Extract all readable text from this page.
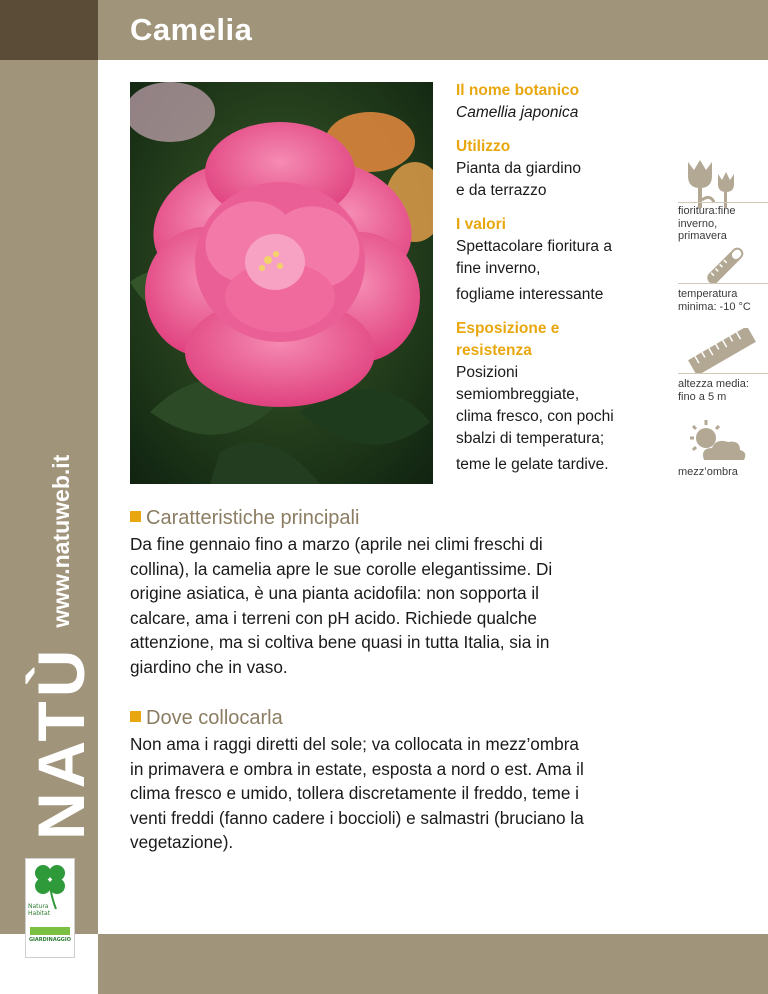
Camelia
NATÙwww.natuweb.it
Natura Habitat
GIARDINAGGIO
Il nome botanico
Camellia japonica
Utilizzo
Pianta da giardino
e da terrazzo
I valori
Spettacolare fioritura a
fine inverno,
fogliame interessante
Esposizione e
resistenza
Posizioni
semiombreggiate,
clima fresco, con pochi
sbalzi di temperatura;
teme le gelate tardive.
fioritura:fine
inverno,
primavera
temperatura
minima: -10 °C
altezza media:
fino a 5 m
mezz’ombra
Caratteristiche principali
Da fine gennaio fino a marzo (aprile nei climi freschi di
collina), la camelia apre le sue corolle elegantissime. Di
origine asiatica, è una pianta acidofila: non sopporta il
calcare, ama i terreni con pH acido. Richiede qualche
attenzione, ma si coltiva bene quasi in tutta Italia, sia in
giardino che in vaso.
Dove collocarla
Non ama i raggi diretti del sole; va collocata in mezz’ombra
in primavera e ombra in estate, esposta a nord o est. Ama il
clima fresco e umido, tollera discretamente il freddo, teme i
venti freddi (fanno cadere i boccioli) e salmastri (bruciano la
vegetazione).
